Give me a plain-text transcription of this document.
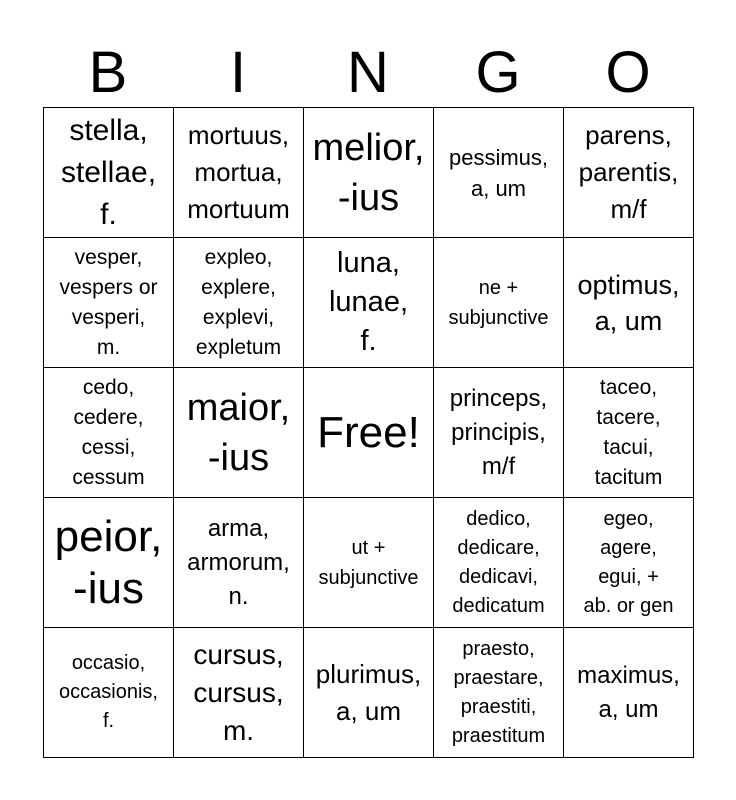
B	I	N	G	O
stella,
stellae,
f.	mortuus,
mortua,
mortuum	melior,
-ius	pessimus,
a, um	parens,
parentis,
m/f

vesper,
vespers or
vesperi,
m.	expleo,
explere,
explevi,
expletum	luna,
lunae,
f.	ne +
subjunctive	optimus,
a, um

cedo,
cedere,
cessi,
cessum	maior,
-ius	Free!	princeps,
principis,
m/f	taceo,
tacere,
tacui,
tacitum

peior,
-ius	arma,
armorum,
n.	ut +
subjunctive	dedico,
dedicare,
dedicavi,
dedicatum	egeo,
agere,
egui, +
ab. or gen

occasio,
occasionis,
f.	cursus,
cursus,
m.	plurimus,
a, um	praesto,
praestare,
praestiti,
praestitum	maximus,
a, um
